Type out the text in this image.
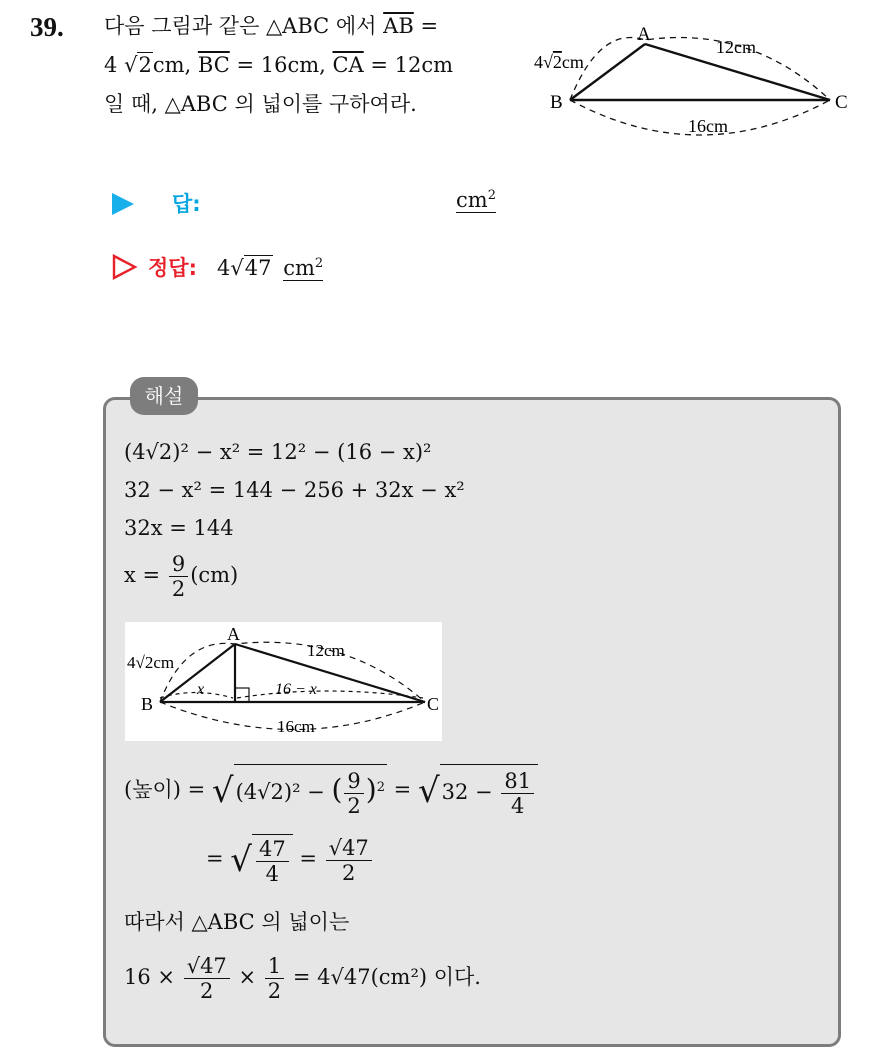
39. 다음 그림과 같은 △ABC 에서 $\overline{AB}$ =
4 √2cm, $\overline{BC} = 16cm$, $\overline{CA} = 12cm$
일 때, △ABC 의 넓이를 구하여라.
A
B	C
4√2cm
12cm
16cm
답:	$cm^2$
정답: 4√47 $cm^2$
해설
(4√2)² − x² = 12² − (16 − x)²
32 − x² = 144 − 256 + 32x − x²
32x = 144
$x = \frac{9}{2} (cm)$
A
B	C
4√2cm
12cm
x	16 − x
16cm
(높이) = √(4√2)² − ( $\frac{9}{2} )^2 = √32 - \frac{81}{4}$
= √ $\frac{47}{4} = \frac{√47}{2}$
따라서 △ABC 의 넓이는
$16 \times \frac{√47}{2} \times \frac{1}{2} = 4√47(cm^2)$ 이다.
